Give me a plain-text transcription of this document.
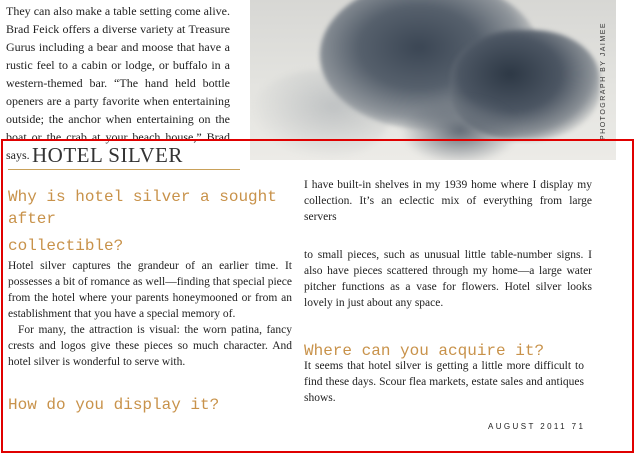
They can also make a table setting come alive. Brad Feick offers a diverse variety at Treasure Gurus including a bear and moose that have a rustic feel to a cabin or lodge, or buffalo in a western-themed bar. “The hand held bottle openers are a party favorite when entertaining outside; the anchor when entertaining on the boat or the crab at your beach house,” Brad says.
PHOTOGRAPH BY JAIMEE
HOTEL SILVER
Why is hotel silver a sought
after
collectible?

Hotel silver captures the grandeur of an earlier time. It possesses a bit of romance as well—finding that special piece from the hotel where your parents honeymooned or from an establishment that you have a special memory of.

For many, the attraction is visual: the worn patina, fancy crests and logos give these pieces so much character. And hotel silver is wonderful to serve with.

How do you display it?
I have built-in shelves in my 1939 home where I display my collection. It’s an eclectic mix of everything from large servers
to small pieces, such as unusual little table-number signs. I also have pieces scattered through my home—a large water pitcher functions as a vase for flowers. Hotel silver looks lovely in just about any space.
Where can you acquire it?
It seems that hotel silver is getting a little more difficult to find these days. Scour flea markets, estate sales and antiques shows.
AUGUST 2011 71
